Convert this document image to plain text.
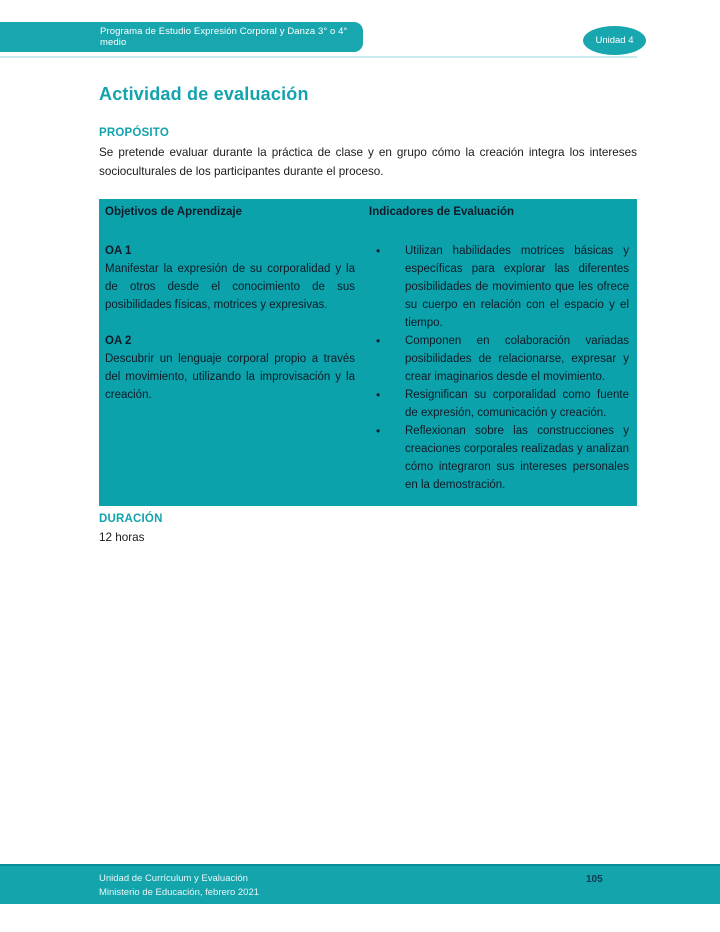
Programa de Estudio Expresión Corporal y Danza 3° o 4° medio	Unidad 4
Actividad de evaluación
PROPÓSITO
Se pretende evaluar durante la práctica de clase y en grupo cómo la creación integra los intereses socioculturales de los participantes durante el proceso.
Objetivos de Aprendizaje
OA 1

Manifestar la expresión de su corporalidad y la de otros desde el conocimiento de sus posibilidades físicas, motrices y expresivas.

OA 2

Descubrir un lenguaje corporal propio a través del movimiento, utilizando la improvisación y la creación.

Indicadores de Evaluación
• Utilizan habilidades motrices básicas y específicas para explorar las diferentes posibilidades de movimiento que les ofrece su cuerpo en relación con el espacio y el tiempo.
• Componen en colaboración variadas posibilidades de relacionarse, expresar y crear imaginarios desde el movimiento.
• Resignifican su corporalidad como fuente de expresión, comunicación y creación.
• Reflexionan sobre las construcciones y creaciones corporales realizadas y analizan cómo integraron sus intereses personales en la demostración.
DURACIÓN
12 horas
Unidad de Currículum y Evaluación
Ministerio de Educación, febrero 2021
105
